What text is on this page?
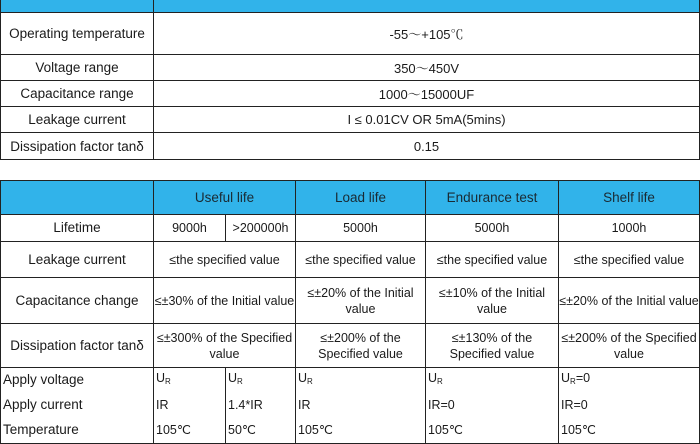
Operating temperature	-55～+105℃
Voltage range	350～450V
Capacitance range	1000～15000UF
Leakage current	I ≤ 0.01CV OR 5mA(5mins)
Dissipation factor tanδ	0.15
	Useful life		Load life	Endurance test	Shelf life
Lifetime	9000h	>200000h	5000h	5000h	1000h
Leakage current	≤the specified value		≤the specified value	≤the specified value	≤the specified value
Capacitance change	≤±30% of the Initial value		≤±20% of the Initial value	≤±10% of the Initial value	≤±20% of the Initial value
Dissipation factor tanδ	≤±300% of the Specified value		≤±200% of the Specified value	≤±130% of the Specified value	≤±200% of the Specified value
Apply voltage	$U_R$	$U_R$	$U_R$	$U_R$	$U_R=0$
Apply current	IR	1.4*IR	IR	IR=0	IR=0
Temperature	105℃	50℃	105℃	105℃	105℃
